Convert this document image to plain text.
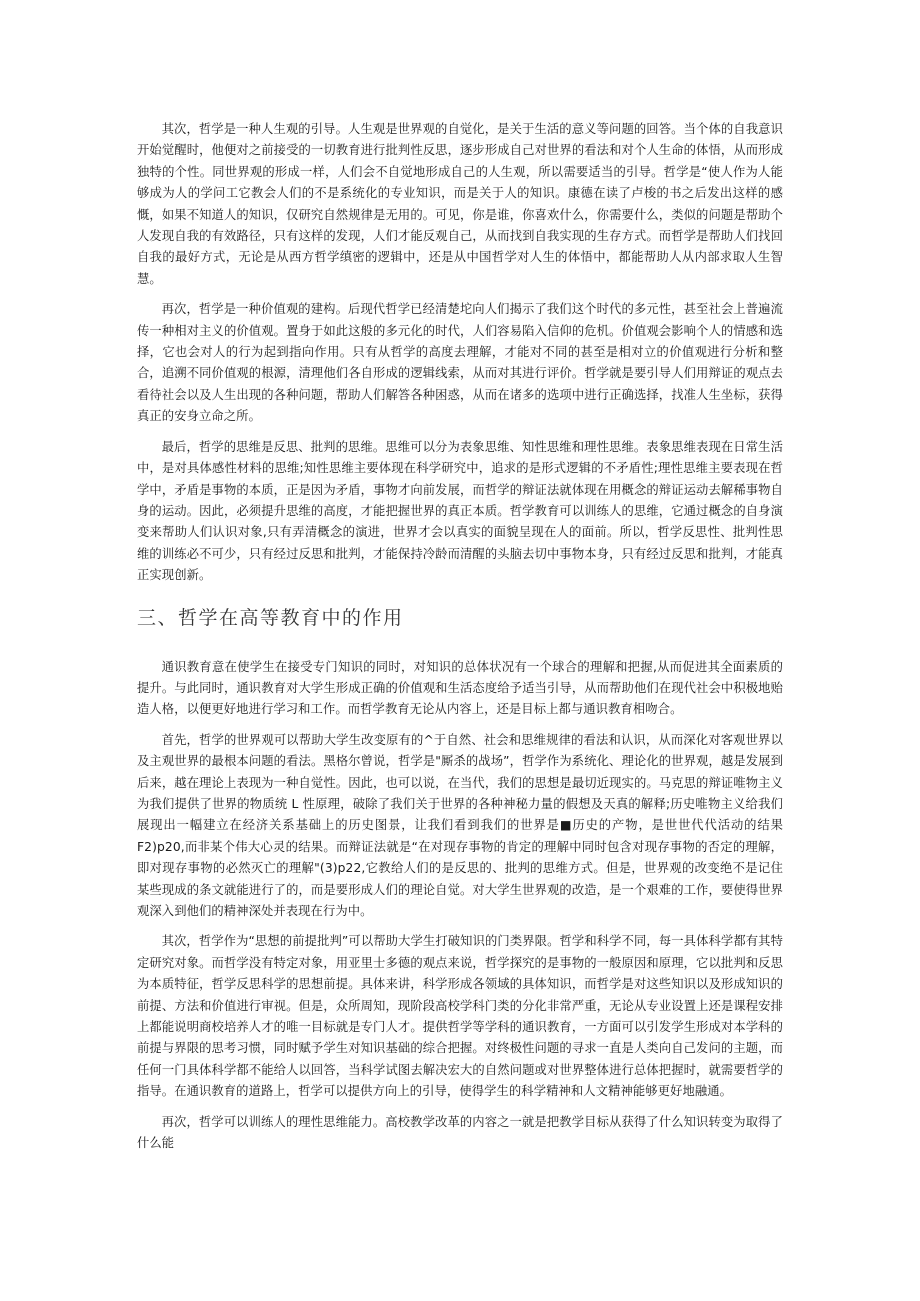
其次，哲学是一种人生观的引导。人生观是世界观的自觉化，是关于生活的意义等问题的回答。当个体的自我意识开始觉醒时，他便对之前接受的一切教育进行批判性反思，逐步形成自己对世界的看法和对个人生命的体悟，从而形成独特的个性。同世界观的形成一样，人们会不自觉地形成自己的人生观，所以需要适当的引导。哲学是“使人作为人能够成为人的学问工它教会人们的不是系统化的专业知识，而是关于人的知识。康德在读了卢梭的书之后发出这样的感慨，如果不知道人的知识，仅研究自然规律是无用的。可见，你是谁，你喜欢什么，你需要什么，类似的问题是帮助个人发现自我的有效路径，只有这样的发现，人们才能反观自己，从而找到自我实现的生存方式。而哲学是帮助人们找回自我的最好方式，无论是从西方哲学缜密的逻辑中，还是从中国哲学对人生的体悟中，都能帮助人从内部求取人生智慧。

再次，哲学是一种价值观的建构。后现代哲学已经清楚坨向人们揭示了我们这个时代的多元性，甚至社会上普遍流传一种相对主义的价值观。置身于如此这般的多元化的时代，人们容易陷入信仰的危机。价值观会影响个人的情感和选择，它也会对人的行为起到指向作用。只有从哲学的高度去理解，才能对不同的甚至是相对立的价值观进行分析和整合，追溯不同价值观的根源，清理他们各自形成的逻辑线索，从而对其进行评价。哲学就是要引导人们用辩证的观点去看待社会以及人生出现的各种问题，帮助人们解答各种困惑，从而在诸多的选项中进行正确选择，找准人生坐标，获得真正的安身立命之所。

最后，哲学的思维是反思、批判的思维。思维可以分为表象思维、知性思维和理性思维。表象思维表现在日常生活中，是对具体感性材料的思维;知性思维主要体现在科学研究中，追求的是形式逻辑的不矛盾性;理性思维主要表现在哲学中，矛盾是事物的本质，正是因为矛盾，事物才向前发展，而哲学的辩证法就体现在用概念的辩证运动去解稀事物自身的运动。因此，必须提升思维的高度，才能把握世界的真正本质。哲学教育可以训练人的思维，它通过概念的自身演变来帮助人们认识对象,只有弄清概念的演进，世界才会以真实的面貌呈现在人的面前。所以，哲学反思性、批判性思维的训练必不可少，只有经过反思和批判，才能保持冷龄而清醒的头脑去切中事物本身，只有经过反思和批判，才能真正实现创新。

三、哲学在高等教育中的作用

通识教育意在使学生在接受专门知识的同时，对知识的总体状况有一个球合的理解和把握,从而促进其全面素质的提升。与此同时，通识教育对大学生形成正确的价值观和生活态度给予适当引导，从而帮助他们在现代社会中积极地贻造人格，以便更好地进行学习和工作。而哲学教育无论从内容上，还是目标上都与通识教育相吻合。

首先，哲学的世界观可以帮助大学生改变原有的^于自然、社会和思维规律的看法和认识，从而深化对客观世界以及主观世界的最根本问题的看法。黑格尔曾说，哲学是"厮杀的战场”，哲学作为系统化、理论化的世界观，越是发展到后来，越在理论上表现为一种自觉性。因此，也可以说，在当代，我们的思想是最切近现实的。马克思的辩证唯物主义为我们提供了世界的物质统 L 性原理，破除了我们关于世界的各种神秘力量的假想及天真的解释;历史唯物主义给我们展现出一幅建立在经济关系基础上的历史图景，让我们看到我们的世界是■历史的产物，是世世代代活动的结果 F2)p20,而非某个伟大心灵的结果。而辩证法就是“在对现存事物的肯定的理解中同时包含对现存事物的否定的理解，即对现存事物的必然灭亡的理解"(3)p22,它教给人们的是反思的、批判的思维方式。但是，世界观的改变绝不是记住某些现成的条文就能进行了的，而是要形成人们的理论自觉。对大学生世界观的改造，是一个艰难的工作，要使得世界观深入到他们的精神深处并表现在行为中。

其次，哲学作为“思想的前提批判”可以帮助大学生打破知识的门类界限。哲学和科学不同，每一具体科学都有其特定研究对象。而哲学没有特定对象，用亚里士多德的观点来说，哲学探究的是事物的一般原因和原理，它以批判和反思为本质特征，哲学反思科学的思想前提。具体来讲，科学形成各领域的具体知识，而哲学是对这些知识以及形成知识的前提、方法和价值进行审视。但是，众所周知，现阶段高校学科门类的分化非常严重，无论从专业设置上还是课程安排上都能说明商校培养人才的唯一目标就是专门人才。提供哲学等学科的通识教育，一方面可以引发学生形成对本学科的前提与界限的思考习惯，同时赋予学生对知识基础的综合把握。对终极性问题的寻求一直是人类向自己发问的主题，而任何一门具体科学都不能给人以回答，当科学试图去解决宏大的自然问题或对世界整体进行总体把握时，就需要哲学的指导。在通识教育的道路上，哲学可以提供方向上的引导，使得学生的科学精神和人文精神能够更好地融通。

再次，哲学可以训练人的理性思维能力。高校教学改革的内容之一就是把教学目标从获得了什么知识转变为取得了什么能
